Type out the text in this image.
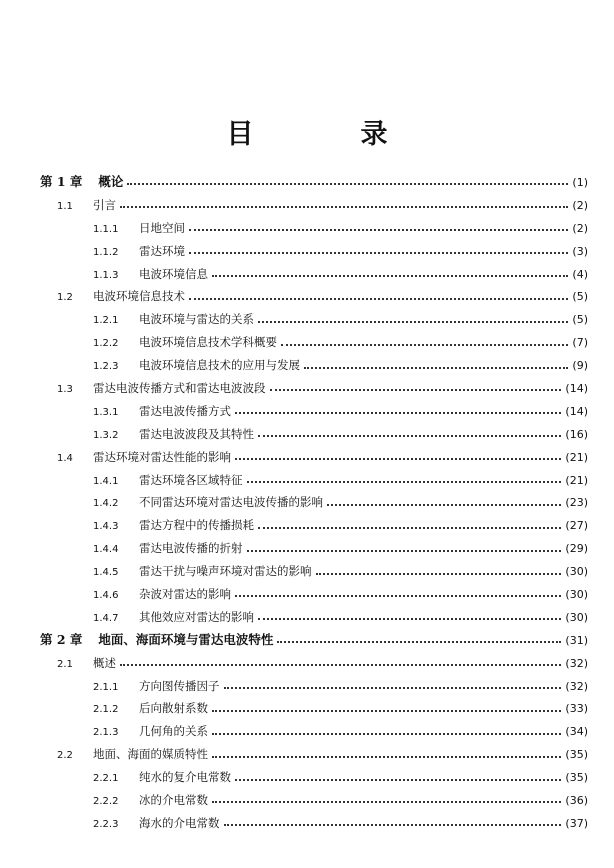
目　录
第 1 章 概论	(1)
1.1	引言	(2)
1.1.1	日地空间	(2)
1.1.2	雷达环境	(3)
1.1.3	电波环境信息	(4)
1.2	电波环境信息技术	(5)
1.2.1	电波环境与雷达的关系	(5)
1.2.2	电波环境信息技术学科概要	(7)
1.2.3	电波环境信息技术的应用与发展	(9)
1.3	雷达电波传播方式和雷达电波波段	(14)
1.3.1	雷达电波传播方式	(14)
1.3.2	雷达电波波段及其特性	(16)
1.4	雷达环境对雷达性能的影响	(21)
1.4.1	雷达环境各区域特征	(21)
1.4.2	不同雷达环境对雷达电波传播的影响	(23)
1.4.3	雷达方程中的传播损耗	(27)
1.4.4	雷达电波传播的折射	(29)
1.4.5	雷达干扰与噪声环境对雷达的影响	(30)
1.4.6	杂波对雷达的影响	(30)
1.4.7	其他效应对雷达的影响	(30)
第 2 章 地面、海面环境与雷达电波特性	(31)
2.1	概述	(32)
2.1.1	方向图传播因子	(32)
2.1.2	后向散射系数	(33)
2.1.3	几何角的关系	(34)
2.2	地面、海面的媒质特性	(35)
2.2.1	纯水的复介电常数	(35)
2.2.2	冰的介电常数	(36)
2.2.3	海水的介电常数	(37)
